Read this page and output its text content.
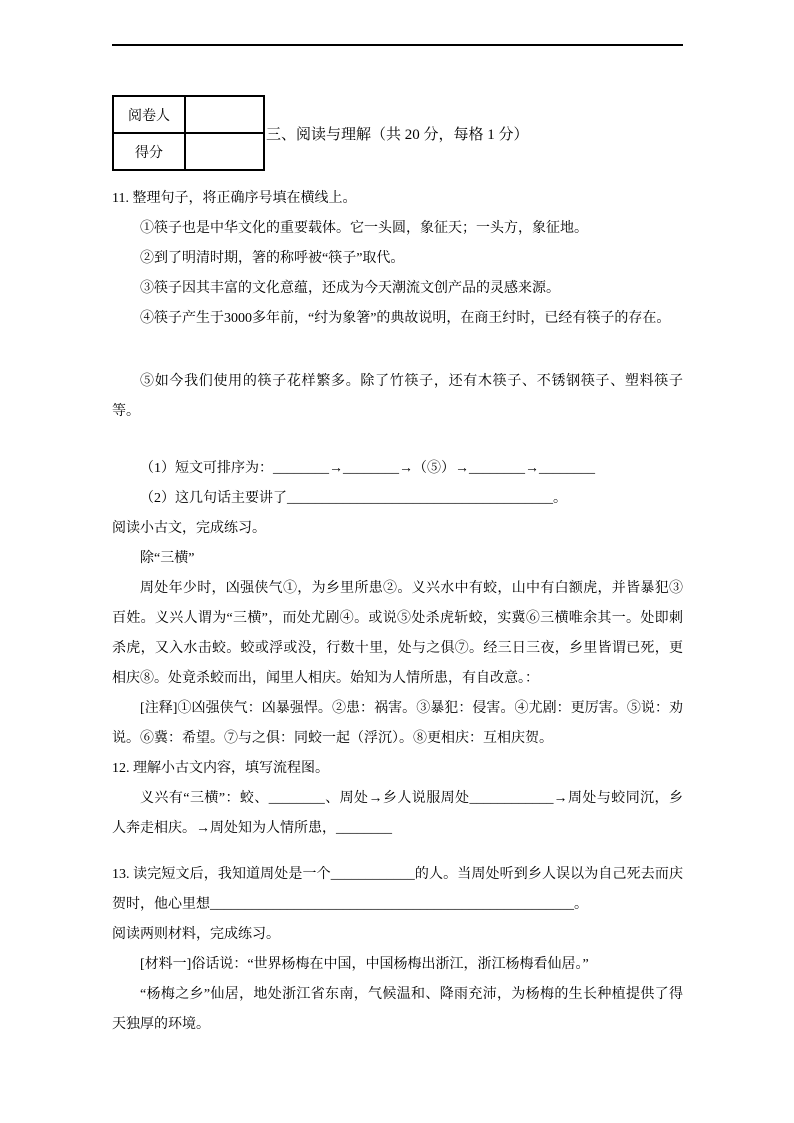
阅卷人	
得分	
三、阅读与理解（共 20 分，每格 1 分）

11. 整理句子，将正确序号填在横线上。

①筷子也是中华文化的重要载体。它一头圆，象征天；一头方，象征地。

②到了明清时期，箸的称呼被“筷子”取代。

③筷子因其丰富的文化意蕴，还成为今天潮流文创产品的灵感来源。

④筷子产生于3000多年前，“纣为象箸”的典故说明，在商王纣时，已经有筷子的存在。

⑤如今我们使用的筷子花样繁多。除了竹筷子，还有木筷子、不锈钢筷子、塑料筷子等。

（1）短文可排序为：________→________→（⑤）→________→________

（2）这几句话主要讲了______________________________________。

阅读小古文，完成练习。

除“三横”

周处年少时，凶强侠气①，为乡里所患②。义兴水中有蛟，山中有白额虎，并皆暴犯③百姓。义兴人谓为“三横”，而处尤剧④。或说⑤处杀虎斩蛟，实冀⑥三横唯余其一。处即刺杀虎，又入水击蛟。蛟或浮或没，行数十里，处与之俱⑦。经三日三夜，乡里皆谓已死，更相庆⑧。处竟杀蛟而出，闻里人相庆。始知为人情所患，有自改意。：

[注释]①凶强侠气：凶暴强悍。②患：祸害。③暴犯：侵害。④尤剧：更厉害。⑤说：劝说。⑥冀：希望。⑦与之俱：同蛟一起（浮沉）。⑧更相庆：互相庆贺。

12. 理解小古文内容，填写流程图。

义兴有“三横”：蛟、________、周处→乡人说服周处____________→周处与蛟同沉，乡人奔走相庆。→周处知为人情所患，________

13. 读完短文后，我知道周处是一个____________的人。当周处听到乡人误以为自己死去而庆贺时，他心里想____________________________________________________。

阅读两则材料，完成练习。

[材料一]俗话说：“世界杨梅在中国，中国杨梅出浙江，浙江杨梅看仙居。”

“杨梅之乡”仙居，地处浙江省东南，气候温和、降雨充沛，为杨梅的生长种植提供了得天独厚的环境。
